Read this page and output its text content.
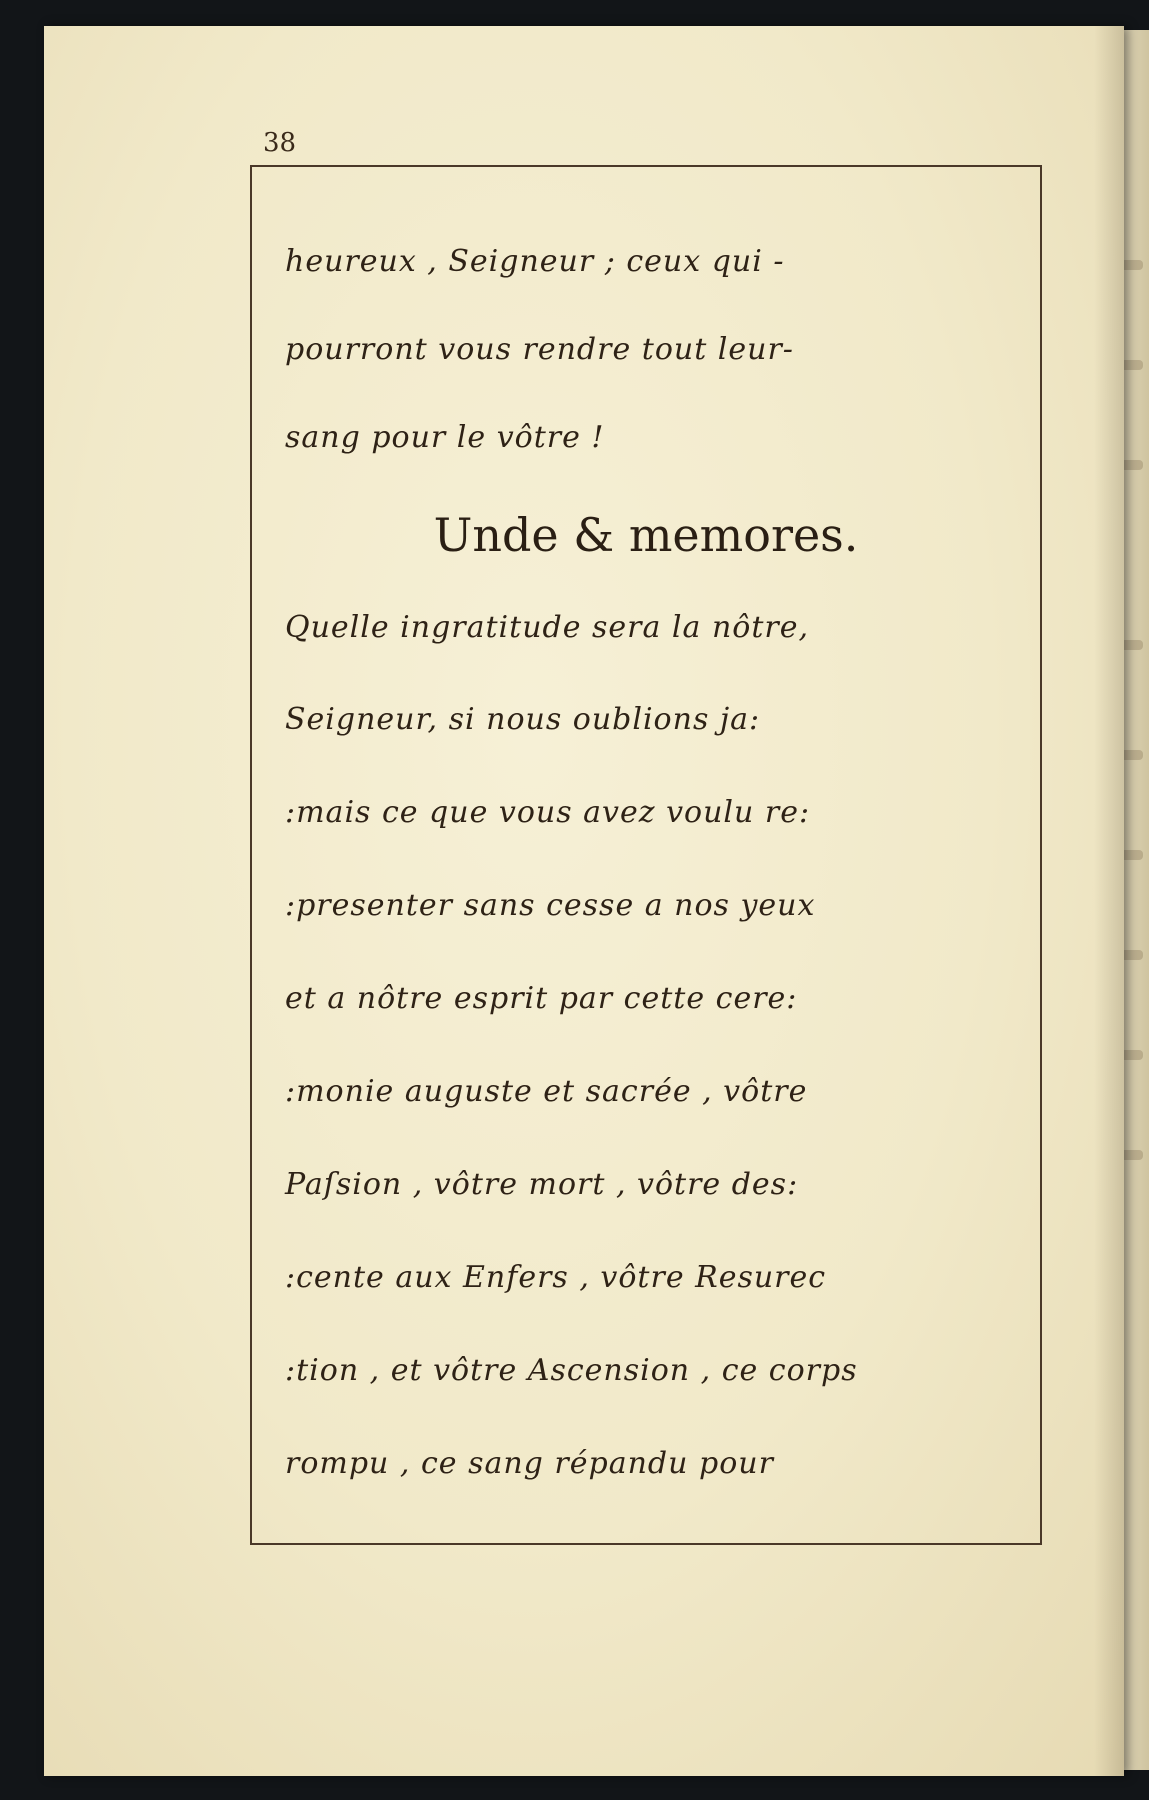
38
heureux , Seigneur ; ceux qui -
pourront vous rendre tout leur-
sang pour le vôtre !
Unde & memores.
Quelle ingratitude sera la nôtre,
Seigneur, si nous oublions ja:
:mais ce que vous avez voulu re:
:presenter sans cesse a nos yeux
et a nôtre esprit par cette cere:
:monie auguste et sacrée , vôtre
Paſsion , vôtre mort , vôtre des:
:cente aux Enfers , vôtre Resurec
:tion , et vôtre Ascension , ce corps
rompu , ce sang répandu pour
